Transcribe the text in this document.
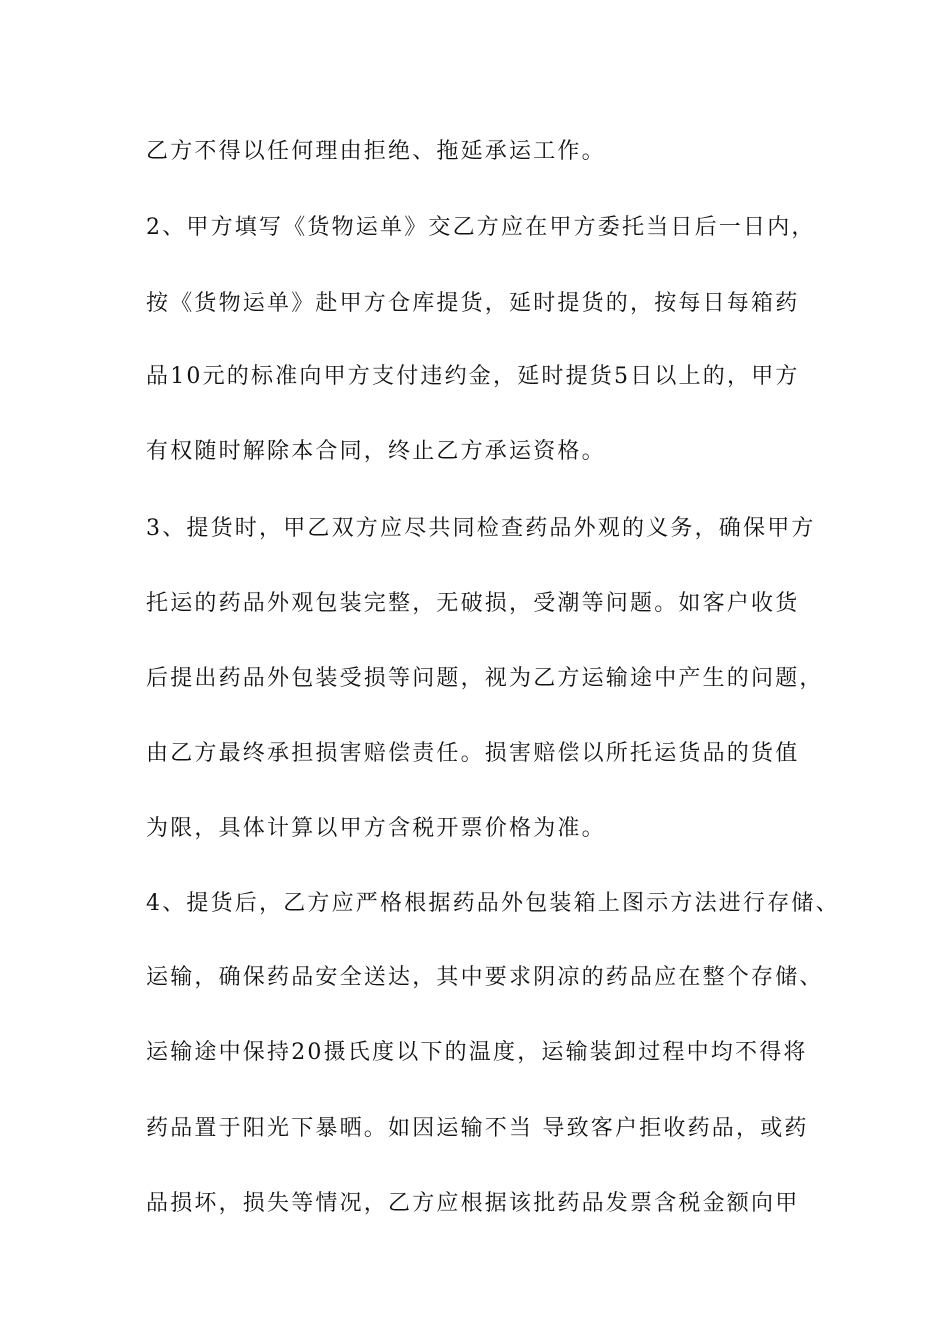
乙方不得以任何理由拒绝、拖延承运工作。
2、甲方填写《货物运单》交乙方应在甲方委托当日后一日内，
按《货物运单》赴甲方仓库提货，延时提货的，按每日每箱药
品10元的标准向甲方支付违约金，延时提货5日以上的，甲方
有权随时解除本合同，终止乙方承运资格。
3、提货时，甲乙双方应尽共同检查药品外观的义务，确保甲方
托运的药品外观包装完整，无破损，受潮等问题。如客户收货
后提出药品外包装受损等问题，视为乙方运输途中产生的问题，
由乙方最终承担损害赔偿责任。损害赔偿以所托运货品的货值
为限，具体计算以甲方含税开票价格为准。
4、提货后，乙方应严格根据药品外包装箱上图示方法进行存储、
运输，确保药品安全送达，其中要求阴凉的药品应在整个存储、
运输途中保持20摄氏度以下的温度，运输装卸过程中均不得将
药品置于阳光下暴晒。如因运输不当 导致客户拒收药品，或药
品损坏，损失等情况，乙方应根据该批药品发票含税金额向甲
